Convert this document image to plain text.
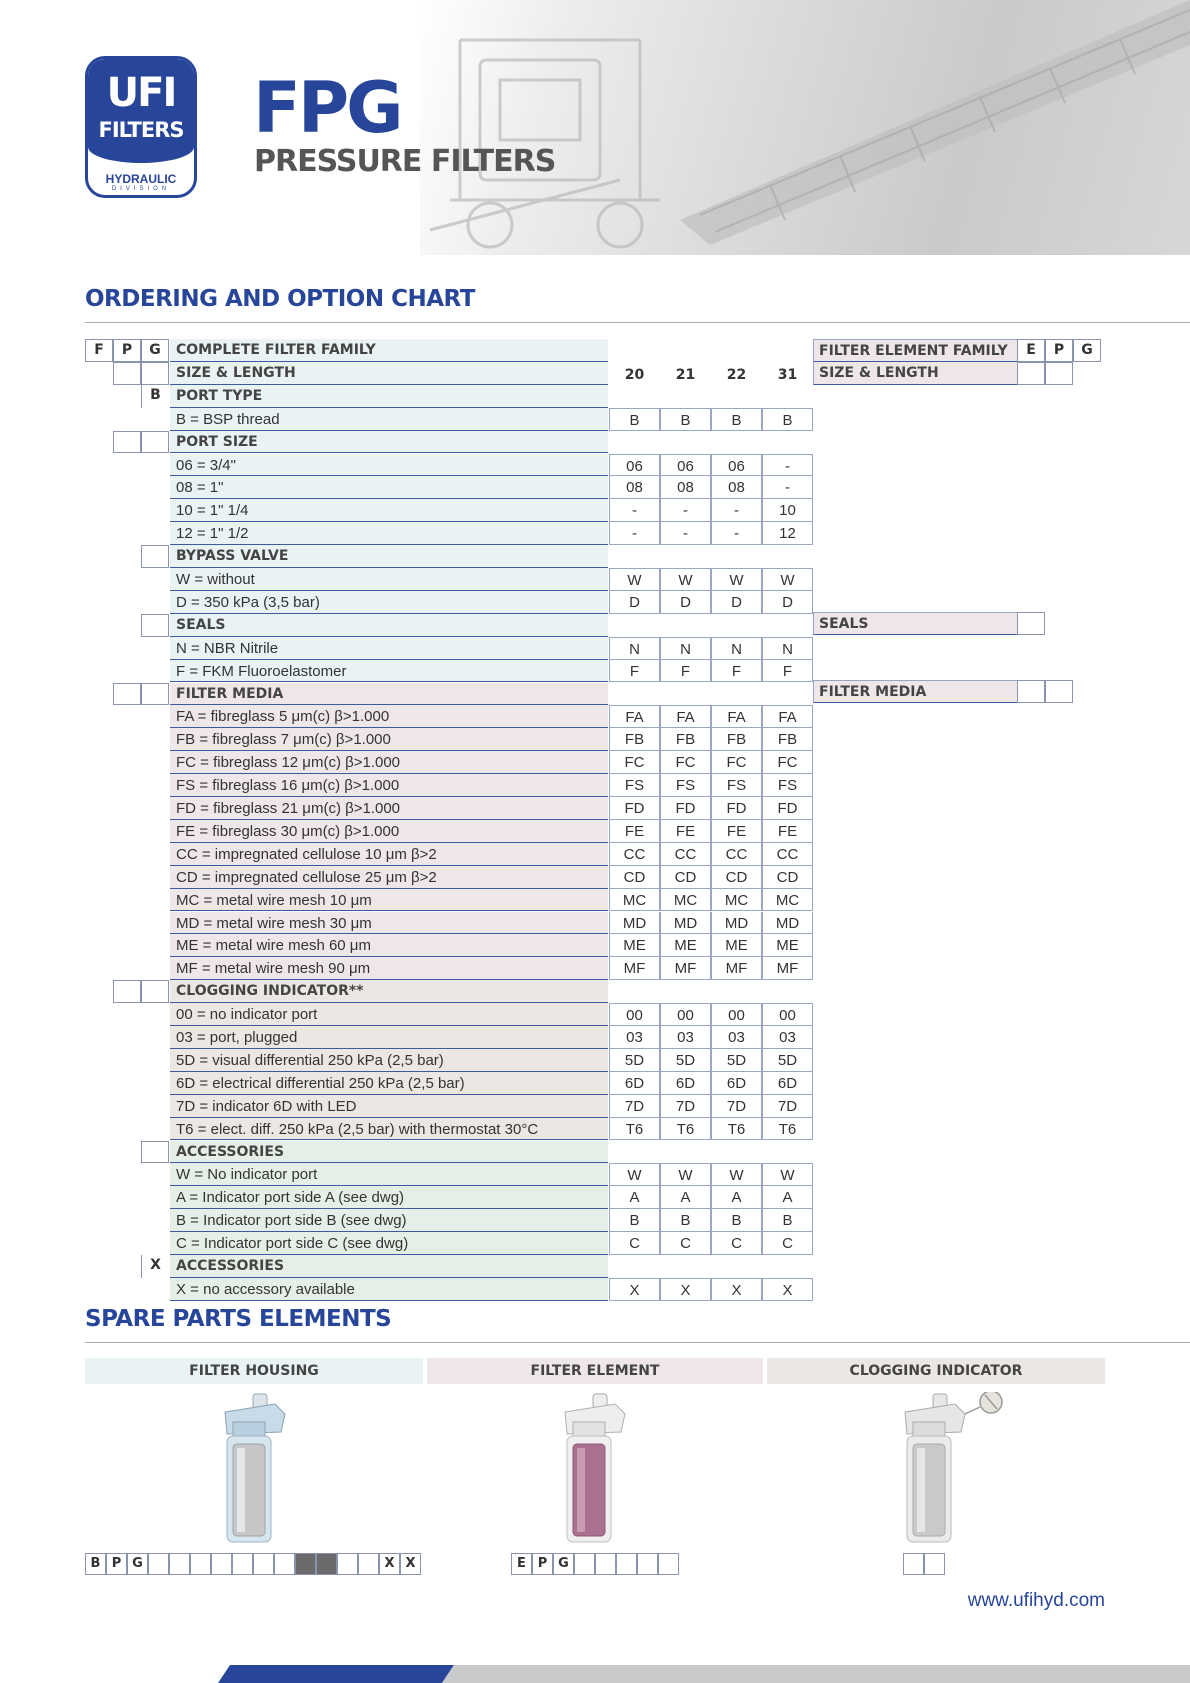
UFI
FILTERS
HYDRAULIC
DIVISION
FPG
PRESSURE FILTERS
ORDERING AND OPTION CHART
COMPLETE FILTER FAMILY
F	P	G
SIZE & LENGTH	20	21	22	31
PORT TYPE
B
B = BSP thread	B	B	B	B
PORT SIZE
06 = 3/4"	06	06	06	-
08 = 1"	08	08	08	-
10 = 1" 1/4	-	-	-	10
12 = 1" 1/2	-	-	-	12
BYPASS VALVE
W = without	W	W	W	W
D = 350 kPa (3,5 bar)	D	D	D	D
SEALS
N = NBR Nitrile	N	N	N	N
F = FKM Fluoroelastomer	F	F	F	F
FILTER MEDIA
FA = fibreglass 5 μm(c) β>1.000	FA	FA	FA	FA
FB = fibreglass 7 μm(c) β>1.000	FB	FB	FB	FB
FC = fibreglass 12 μm(c) β>1.000	FC	FC	FC	FC
FS = fibreglass 16 μm(c) β>1.000	FS	FS	FS	FS
FD = fibreglass 21 μm(c) β>1.000	FD	FD	FD	FD
FE = fibreglass 30 μm(c) β>1.000	FE	FE	FE	FE
CC = impregnated cellulose 10 μm β>2	CC	CC	CC	CC
CD = impregnated cellulose 25 μm β>2	CD	CD	CD	CD
MC = metal wire mesh 10 μm	MC	MC	MC	MC
MD = metal wire mesh 30 μm	MD	MD	MD	MD
ME = metal wire mesh 60 μm	ME	ME	ME	ME
MF = metal wire mesh 90 μm	MF	MF	MF	MF
CLOGGING INDICATOR**
00 = no indicator port	00	00	00	00
03 = port, plugged	03	03	03	03
5D = visual differential 250 kPa (2,5 bar)	5D	5D	5D	5D
6D = electrical differential 250 kPa (2,5 bar)	6D	6D	6D	6D
7D = indicator 6D with LED	7D	7D	7D	7D
T6 = elect. diff. 250 kPa (2,5 bar) with thermostat 30°C	T6	T6	T6	T6
ACCESSORIES
W = No indicator port	W	W	W	W
A = Indicator port side A (see dwg)	A	A	A	A
B = Indicator port side B (see dwg)	B	B	B	B
C = Indicator port side C (see dwg)	C	C	C	C
ACCESSORIES
X
X = no accessory available	X	X	X	X
FILTER ELEMENT FAMILY	E	P	G
SIZE & LENGTH
SEALS
FILTER MEDIA
SPARE PARTS ELEMENTS
FILTER HOUSING	FILTER ELEMENT	CLOGGING INDICATOR
B P G	X X	E P G
www.ufihyd.com
